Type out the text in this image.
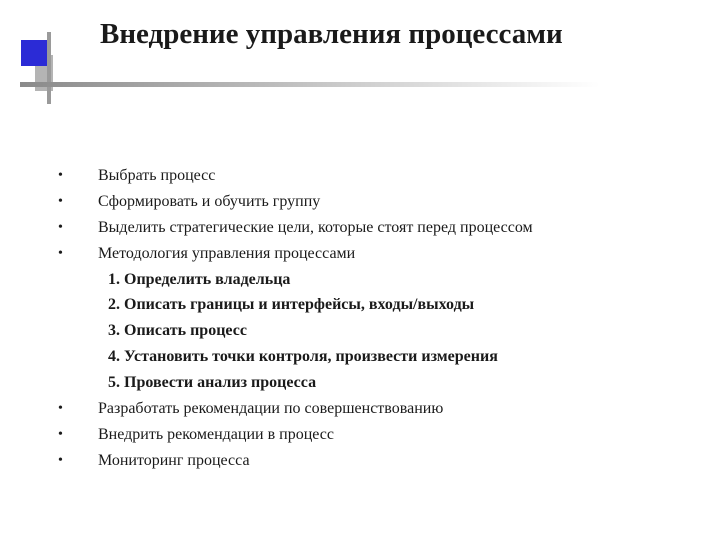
Внедрение управления процессами
• Выбрать процесс
• Сформировать и обучить группу
• Выделить стратегические цели, которые стоят перед процессом
• Методология управления процессами
1. Определить владельца
2. Описать границы и интерфейсы, входы/выходы
3. Описать процесс
4. Установить точки контроля, произвести измерения
5. Провести анализ процесса
• Разработать рекомендации по совершенствованию
• Внедрить рекомендации в процесс
• Мониторинг процесса
